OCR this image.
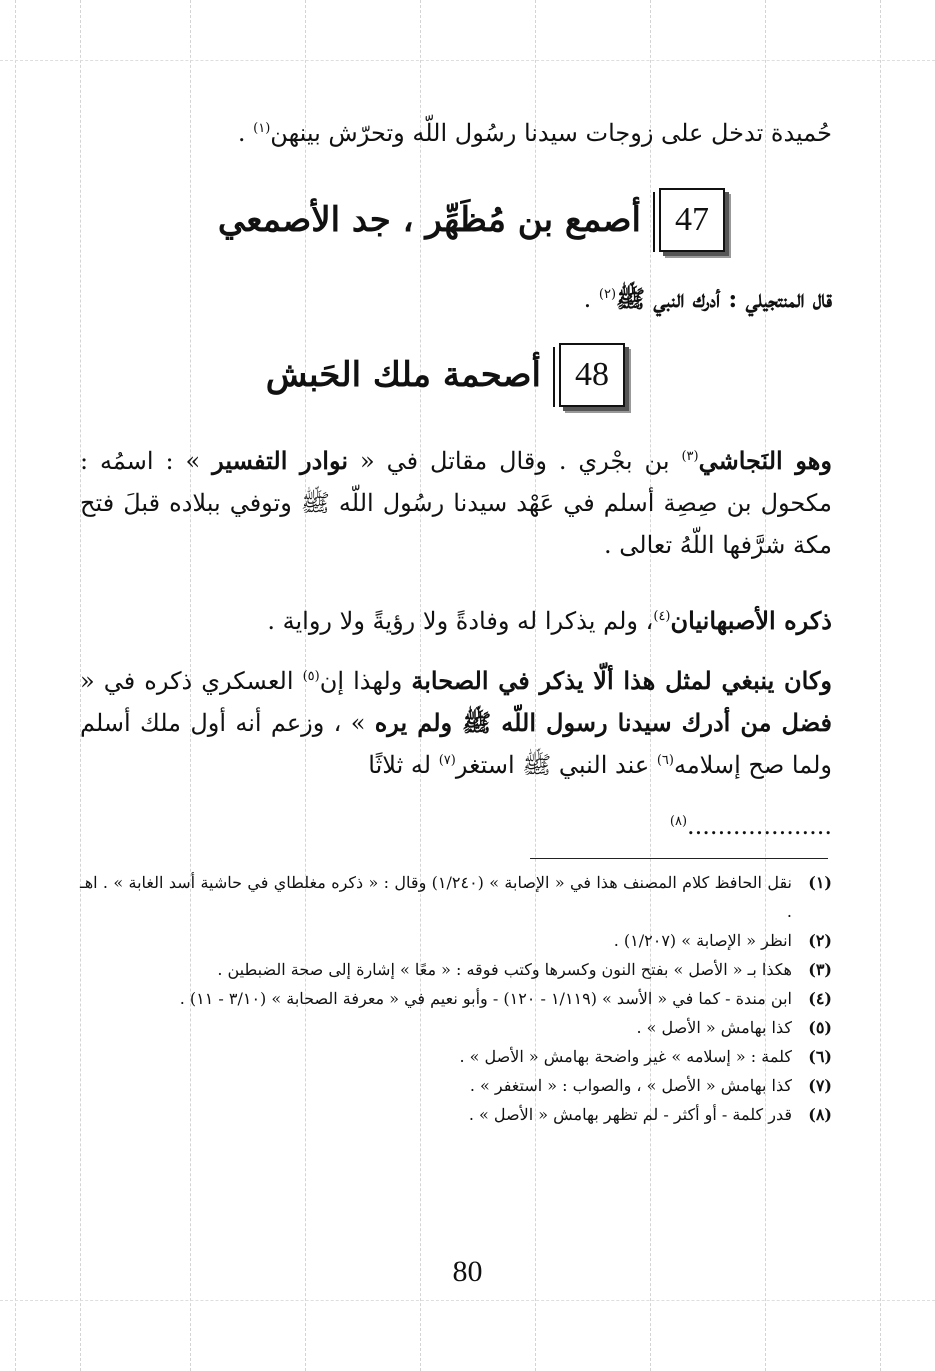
حُميدة تدخل على زوجات سيدنا رسُول اللّه وتحرّش بينهن$^{(١)}$ .
47
أصمع بن مُظَهِّر ، جد الأصمعي
قال المنتجيلي : أدرك النبي ﷺ$^{(٢)}$ .
48
أصحمة ملك الحَبش
وهو النَجاشي$^{(٣)}$ بن بجْري . وقال مقاتل في « نوادر التفسير » : اسمُه : مكحول بن صِصِة أسلم في عَهْد سيدنا رسُول اللّه ﷺ وتوفي ببلاده قبلَ فتح مكة شرَّفها اللّهُ تعالى .
ذكره الأصبهانيان$^{(٤)}$، ولم يذكرا له وفادةً ولا رؤيةً ولا رواية .
وكان ينبغي لمثل هذا ألّا يذكر في الصحابة ولهذا إن$^{(٥)}$ العسكري ذكره في « فضل من أدرك سيدنا رسول اللّه ﷺ ولم يره » ، وزعم أنه أول ملك أسلم ولما صح إسلامه$^{(٦)}$ عند النبي ﷺ استغر$^{(٧)}$ له ثلاثًا
...................$^{(٨)}$
(١)
نقل الحافظ كلام المصنف هذا في « الإصابة » (١/٢٤٠) وقال : « ذكره مغلطاي في حاشية أسد الغابة » . اهـ .
(٢)
انظر « الإصابة » (١/٢٠٧) .
(٣)
هكذا بـ « الأصل » بفتح النون وكسرها وكتب فوقه : « معًا » إشارة إلى صحة الضبطين .
(٤)
ابن مندة - كما في « الأسد » (١/١١٩ - ١٢٠) - وأبو نعيم في « معرفة الصحابة » (٣/١٠ - ١١) .
(٥)
كذا بهامش « الأصل » .
(٦)
كلمة : « إسلامه » غير واضحة بهامش « الأصل » .
(٧)
كذا بهامش « الأصل » ، والصواب : « استغفر » .
(٨)
قدر كلمة - أو أكثر - لم تظهر بهامش « الأصل » .
80
